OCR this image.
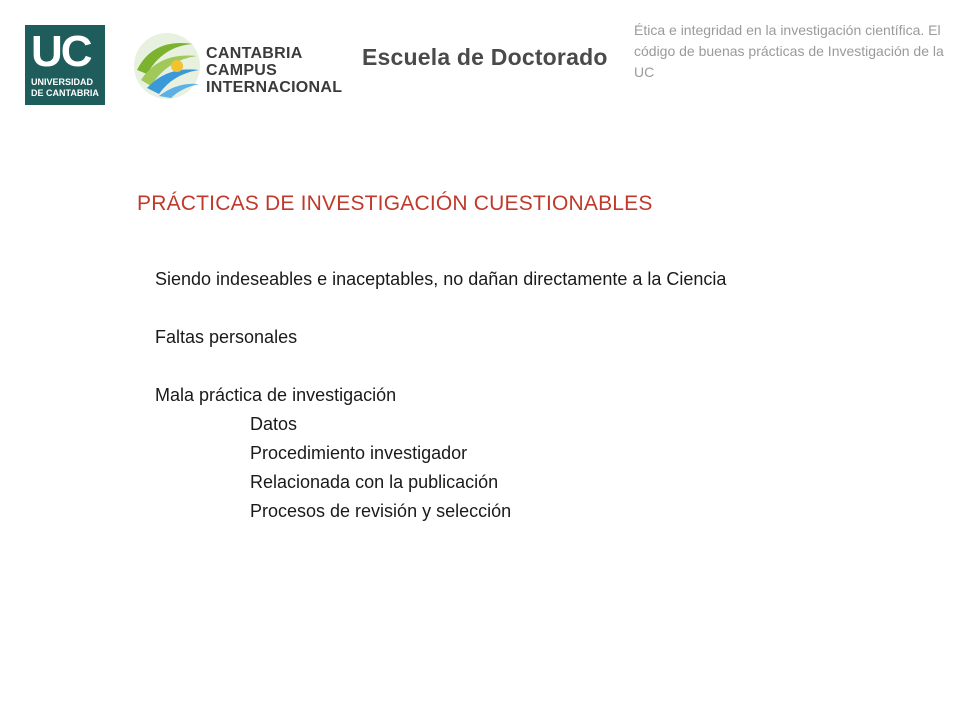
UC
UNIVERSIDAD
DE CANTABRIA
CANTABRIA
CAMPUS
INTERNACIONAL
Escuela de Doctorado
Ética e integridad en la investigación científica. El código de buenas prácticas de Investigación de la UC
PRÁCTICAS DE INVESTIGACIÓN CUESTIONABLES
Siendo indeseables e inaceptables, no dañan directamente a la Ciencia
Faltas personales
Mala práctica de investigación
Datos
Procedimiento investigador
Relacionada con la publicación
Procesos de revisión y selección
